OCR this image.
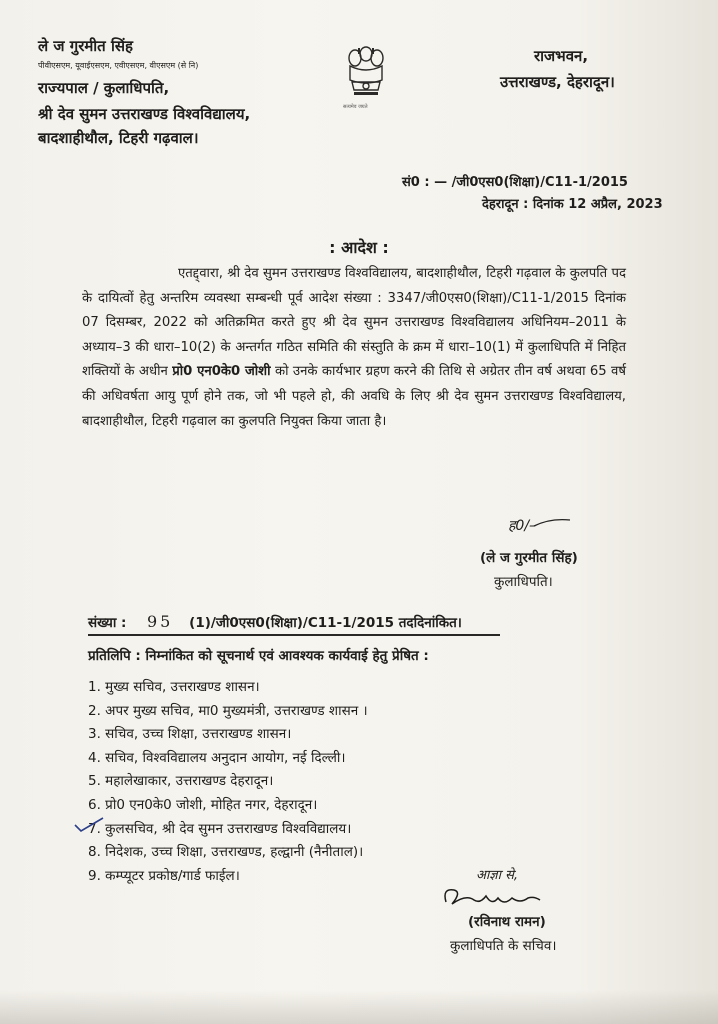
ले ज गुरमीत सिंह
पीवीएसएम, यूवाईएसएम, एवीएसएम, वीएसएम (से नि)
राज्यपाल / कुलाधिपति,
श्री देव सुमन उत्तराखण्ड विश्वविद्यालय,
बादशाहीथौल, टिहरी गढ़वाल।
सत्यमेव जयते
राजभवन,
उत्तराखण्ड, देहरादून।
सं0 : — /जी0एस0(शिक्षा)/C11-1/2015
देहरादून : दिनांक 12 अप्रैल, 2023
: आदेश :
एतद्द्वारा, श्री देव सुमन उत्तराखण्ड विश्वविद्यालय, बादशाहीथौल, टिहरी गढ़वाल के कुलपति पद के दायित्वों हेतु अन्तरिम व्यवस्था सम्बन्धी पूर्व आदेश संख्या : 3347/जी0एस0(शिक्षा)/C11-1/2015 दिनांक 07 दिसम्बर, 2022 को अतिक्रमित करते हुए श्री देव सुमन उत्तराखण्ड विश्वविद्यालय अधिनियम–2011 के अध्याय–3 की धारा–10(2) के अन्तर्गत गठित समिति की संस्तुति के क्रम में धारा–10(1) में कुलाधिपति में निहित शक्तियों के अधीन प्रो0 एन0के0 जोशी को उनके कार्यभार ग्रहण करने की तिथि से अग्रेतर तीन वर्ष अथवा 65 वर्ष की अधिवर्षता आयु पूर्ण होने तक, जो भी पहले हो, की अवधि के लिए श्री देव सुमन उत्तराखण्ड विश्वविद्यालय, बादशाहीथौल, टिहरी गढ़वाल का कुलपति नियुक्त किया जाता है।
ह0/–
(ले ज गुरमीत सिंह)
कुलाधिपति।
संख्या : 95 (1)/जी0एस0(शिक्षा)/C11-1/2015 तददिनांकित।
प्रतिलिपि : निम्नांकित को सूचनार्थ एवं आवश्यक कार्यवाई हेतु प्रेषित :
1. मुख्य सचिव, उत्तराखण्ड शासन।
2. अपर मुख्य सचिव, मा0 मुख्यमंत्री, उत्तराखण्ड शासन ।
3. सचिव, उच्च शिक्षा, उत्तराखण्ड शासन।
4. सचिव, विश्वविद्यालय अनुदान आयोग, नई दिल्ली।
5. महालेखाकार, उत्तराखण्ड देहरादून।
6. प्रो0 एन0के0 जोशी, मोहित नगर, देहरादून।
7. कुलसचिव, श्री देव सुमन उत्तराखण्ड विश्वविद्यालय।
8. निदेशक, उच्च शिक्षा, उत्तराखण्ड, हल्द्वानी (नैनीताल)।
9. कम्प्यूटर प्रकोष्ठ/गार्ड फाईल।	आज्ञा से,
(रविनाथ रामन)
कुलाधिपति के सचिव।
